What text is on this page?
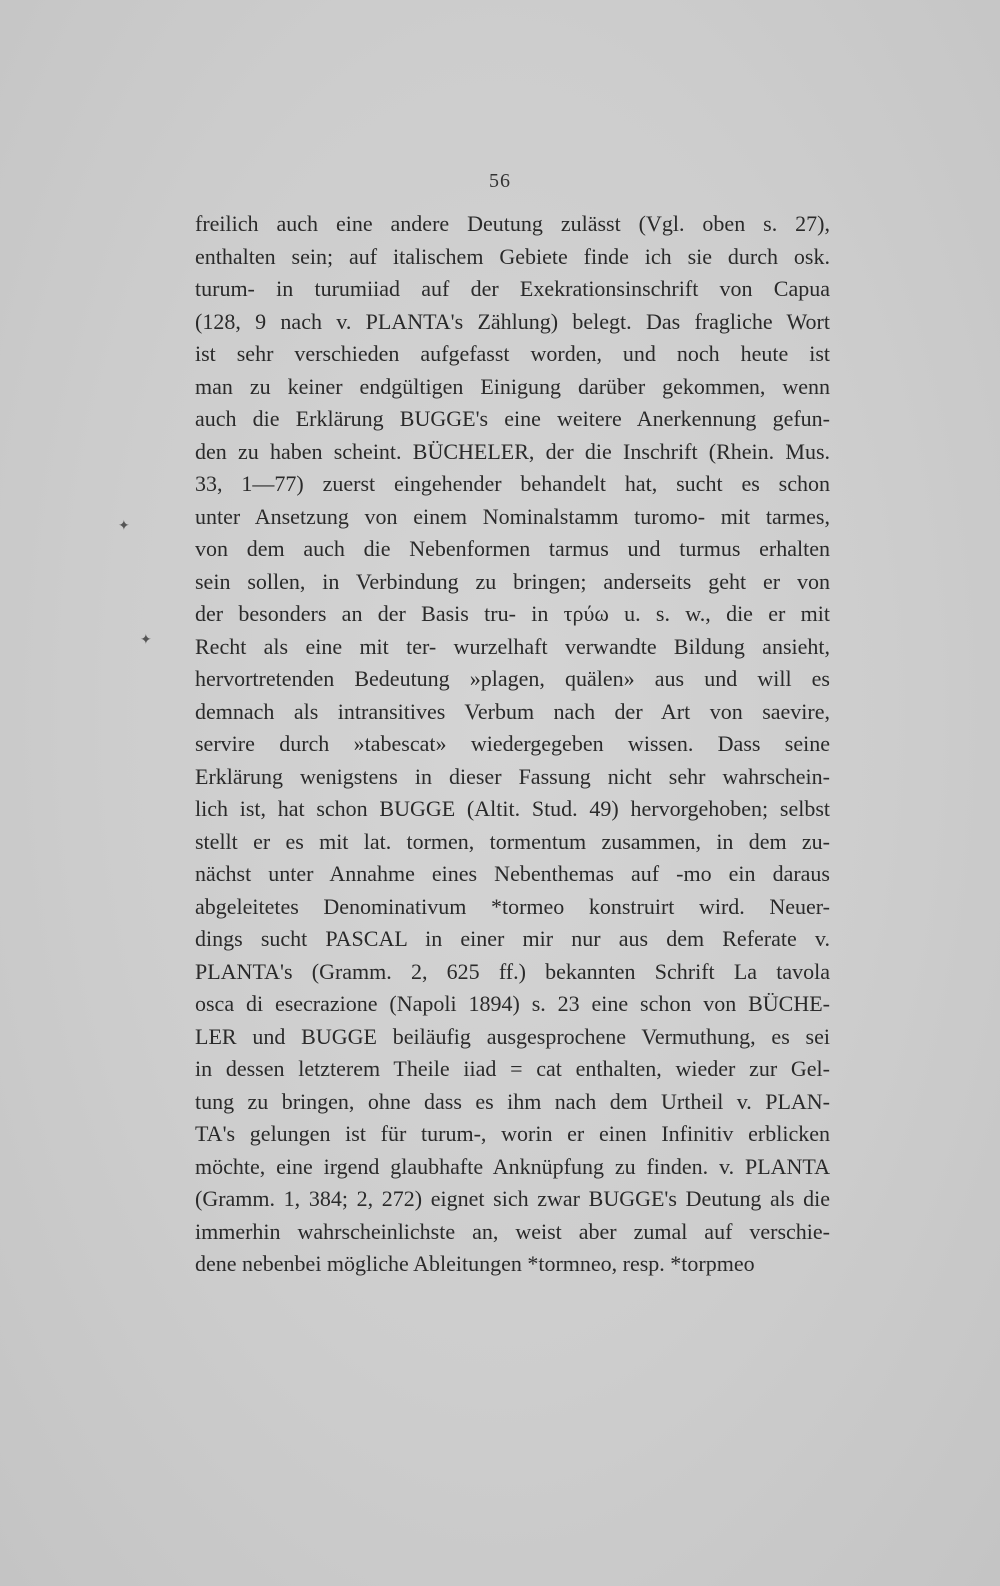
56
freilich auch eine andere Deutung zulässt (Vgl. oben s. 27),
enthalten sein; auf italischem Gebiete finde ich sie durch osk.
turum- in turumiiad auf der Exekrationsinschrift von Capua
(128, 9 nach v. PLANTA's Zählung) belegt. Das fragliche Wort
ist sehr verschieden aufgefasst worden, und noch heute ist
man zu keiner endgültigen Einigung darüber gekommen, wenn
auch die Erklärung BUGGE's eine weitere Anerkennung gefun-
den zu haben scheint. BÜCHELER, der die Inschrift (Rhein. Mus.
33, 1—77) zuerst eingehender behandelt hat, sucht es schon
unter Ansetzung von einem Nominalstamm turomo- mit tarmes,
von dem auch die Nebenformen tarmus und turmus erhalten
sein sollen, in Verbindung zu bringen; anderseits geht er von
der besonders an der Basis tru- in τρύω u. s. w., die er mit
Recht als eine mit ter- wurzelhaft verwandte Bildung ansieht,
hervortretenden Bedeutung »plagen, quälen» aus und will es
demnach als intransitives Verbum nach der Art von saevire,
servire durch »tabescat» wiedergegeben wissen. Dass seine
Erklärung wenigstens in dieser Fassung nicht sehr wahrschein-
lich ist, hat schon BUGGE (Altit. Stud. 49) hervorgehoben; selbst
stellt er es mit lat. tormen, tormentum zusammen, in dem zu-
nächst unter Annahme eines Nebenthemas auf -mo ein daraus
abgeleitetes Denominativum *tormeo konstruirt wird. Neuer-
dings sucht PASCAL in einer mir nur aus dem Referate v.
PLANTA's (Gramm. 2, 625 ff.) bekannten Schrift La tavola
osca di esecrazione (Napoli 1894) s. 23 eine schon von BÜCHE-
LER und BUGGE beiläufig ausgesprochene Vermuthung, es sei
in dessen letzterem Theile iiad = cat enthalten, wieder zur Gel-
tung zu bringen, ohne dass es ihm nach dem Urtheil v. PLAN-
TA's gelungen ist für turum-, worin er einen Infinitiv erblicken
möchte, eine irgend glaubhafte Anknüpfung zu finden. v. PLANTA
(Gramm. 1, 384; 2, 272) eignet sich zwar BUGGE's Deutung als die
immerhin wahrscheinlichste an, weist aber zumal auf verschie-
dene nebenbei mögliche Ableitungen *tormneo, resp. *torpmeo
✦
✦
